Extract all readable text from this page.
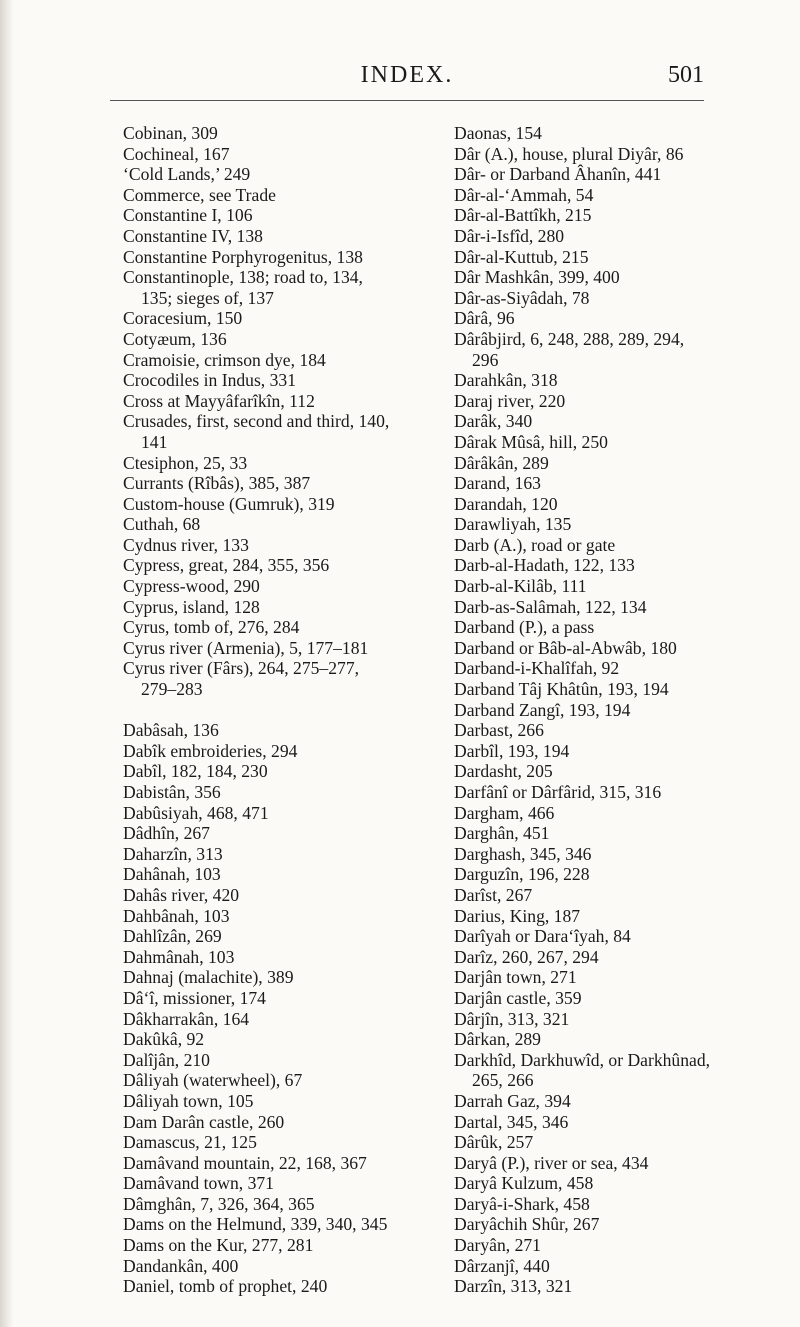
INDEX.	501
Cobinan, 309
Cochineal, 167
‘Cold Lands,’ 249
Commerce, see Trade
Constantine I, 106
Constantine IV, 138
Constantine Porphyrogenitus, 138
Constantinople, 138; road to, 134,
135; sieges of, 137
Coracesium, 150
Cotyæum, 136
Cramoisie, crimson dye, 184
Crocodiles in Indus, 331
Cross at Mayyâfarîkîn, 112
Crusades, first, second and third, 140,
141
Ctesiphon, 25, 33
Currants (Rîbâs), 385, 387
Custom-house (Gumruk), 319
Cuthah, 68
Cydnus river, 133
Cypress, great, 284, 355, 356
Cypress-wood, 290
Cyprus, island, 128
Cyrus, tomb of, 276, 284
Cyrus river (Armenia), 5, 177–181
Cyrus river (Fârs), 264, 275–277,
279–283
Dabâsah, 136
Dabîk embroideries, 294
Dabîl, 182, 184, 230
Dabistân, 356
Dabûsiyah, 468, 471
Dâdhîn, 267
Daharzîn, 313
Dahânah, 103
Dahâs river, 420
Dahbânah, 103
Dahlîzân, 269
Dahmânah, 103
Dahnaj (malachite), 389
Dâ‘î, missioner, 174
Dâkharrakân, 164
Dakûkâ, 92
Dalîjân, 210
Dâliyah (waterwheel), 67
Dâliyah town, 105
Dam Darân castle, 260
Damascus, 21, 125
Damâvand mountain, 22, 168, 367
Damâvand town, 371
Dâmghân, 7, 326, 364, 365
Dams on the Helmund, 339, 340, 345
Dams on the Kur, 277, 281
Dandankân, 400
Daniel, tomb of prophet, 240
Daonas, 154
Dâr (A.), house, plural Diyâr, 86
Dâr- or Darband Âhanîn, 441
Dâr-al-‘Ammah, 54
Dâr-al-Battîkh, 215
Dâr-i-Isfîd, 280
Dâr-al-Kuttub, 215
Dâr Mashkân, 399, 400
Dâr-as-Siyâdah, 78
Dârâ, 96
Dârâbjird, 6, 248, 288, 289, 294,
296
Darahkân, 318
Daraj river, 220
Darâk, 340
Dârak Mûsâ, hill, 250
Dârâkân, 289
Darand, 163
Darandah, 120
Darawliyah, 135
Darb (A.), road or gate
Darb-al-Hadath, 122, 133
Darb-al-Kilâb, 111
Darb-as-Salâmah, 122, 134
Darband (P.), a pass
Darband or Bâb-al-Abwâb, 180
Darband-i-Khalîfah, 92
Darband Tâj Khâtûn, 193, 194
Darband Zangî, 193, 194
Darbast, 266
Darbîl, 193, 194
Dardasht, 205
Darfânî or Dârfârid, 315, 316
Dargham, 466
Darghân, 451
Darghash, 345, 346
Darguzîn, 196, 228
Darîst, 267
Darius, King, 187
Darîyah or Dara‘îyah, 84
Darîz, 260, 267, 294
Darjân town, 271
Darjân castle, 359
Dârjîn, 313, 321
Dârkan, 289
Darkhîd, Darkhuwîd, or Darkhûnad,
265, 266
Darrah Gaz, 394
Dartal, 345, 346
Dârûk, 257
Daryâ (P.), river or sea, 434
Daryâ Kulzum, 458
Daryâ-i-Shark, 458
Daryâchih Shûr, 267
Daryân, 271
Dârzanjî, 440
Darzîn, 313, 321
